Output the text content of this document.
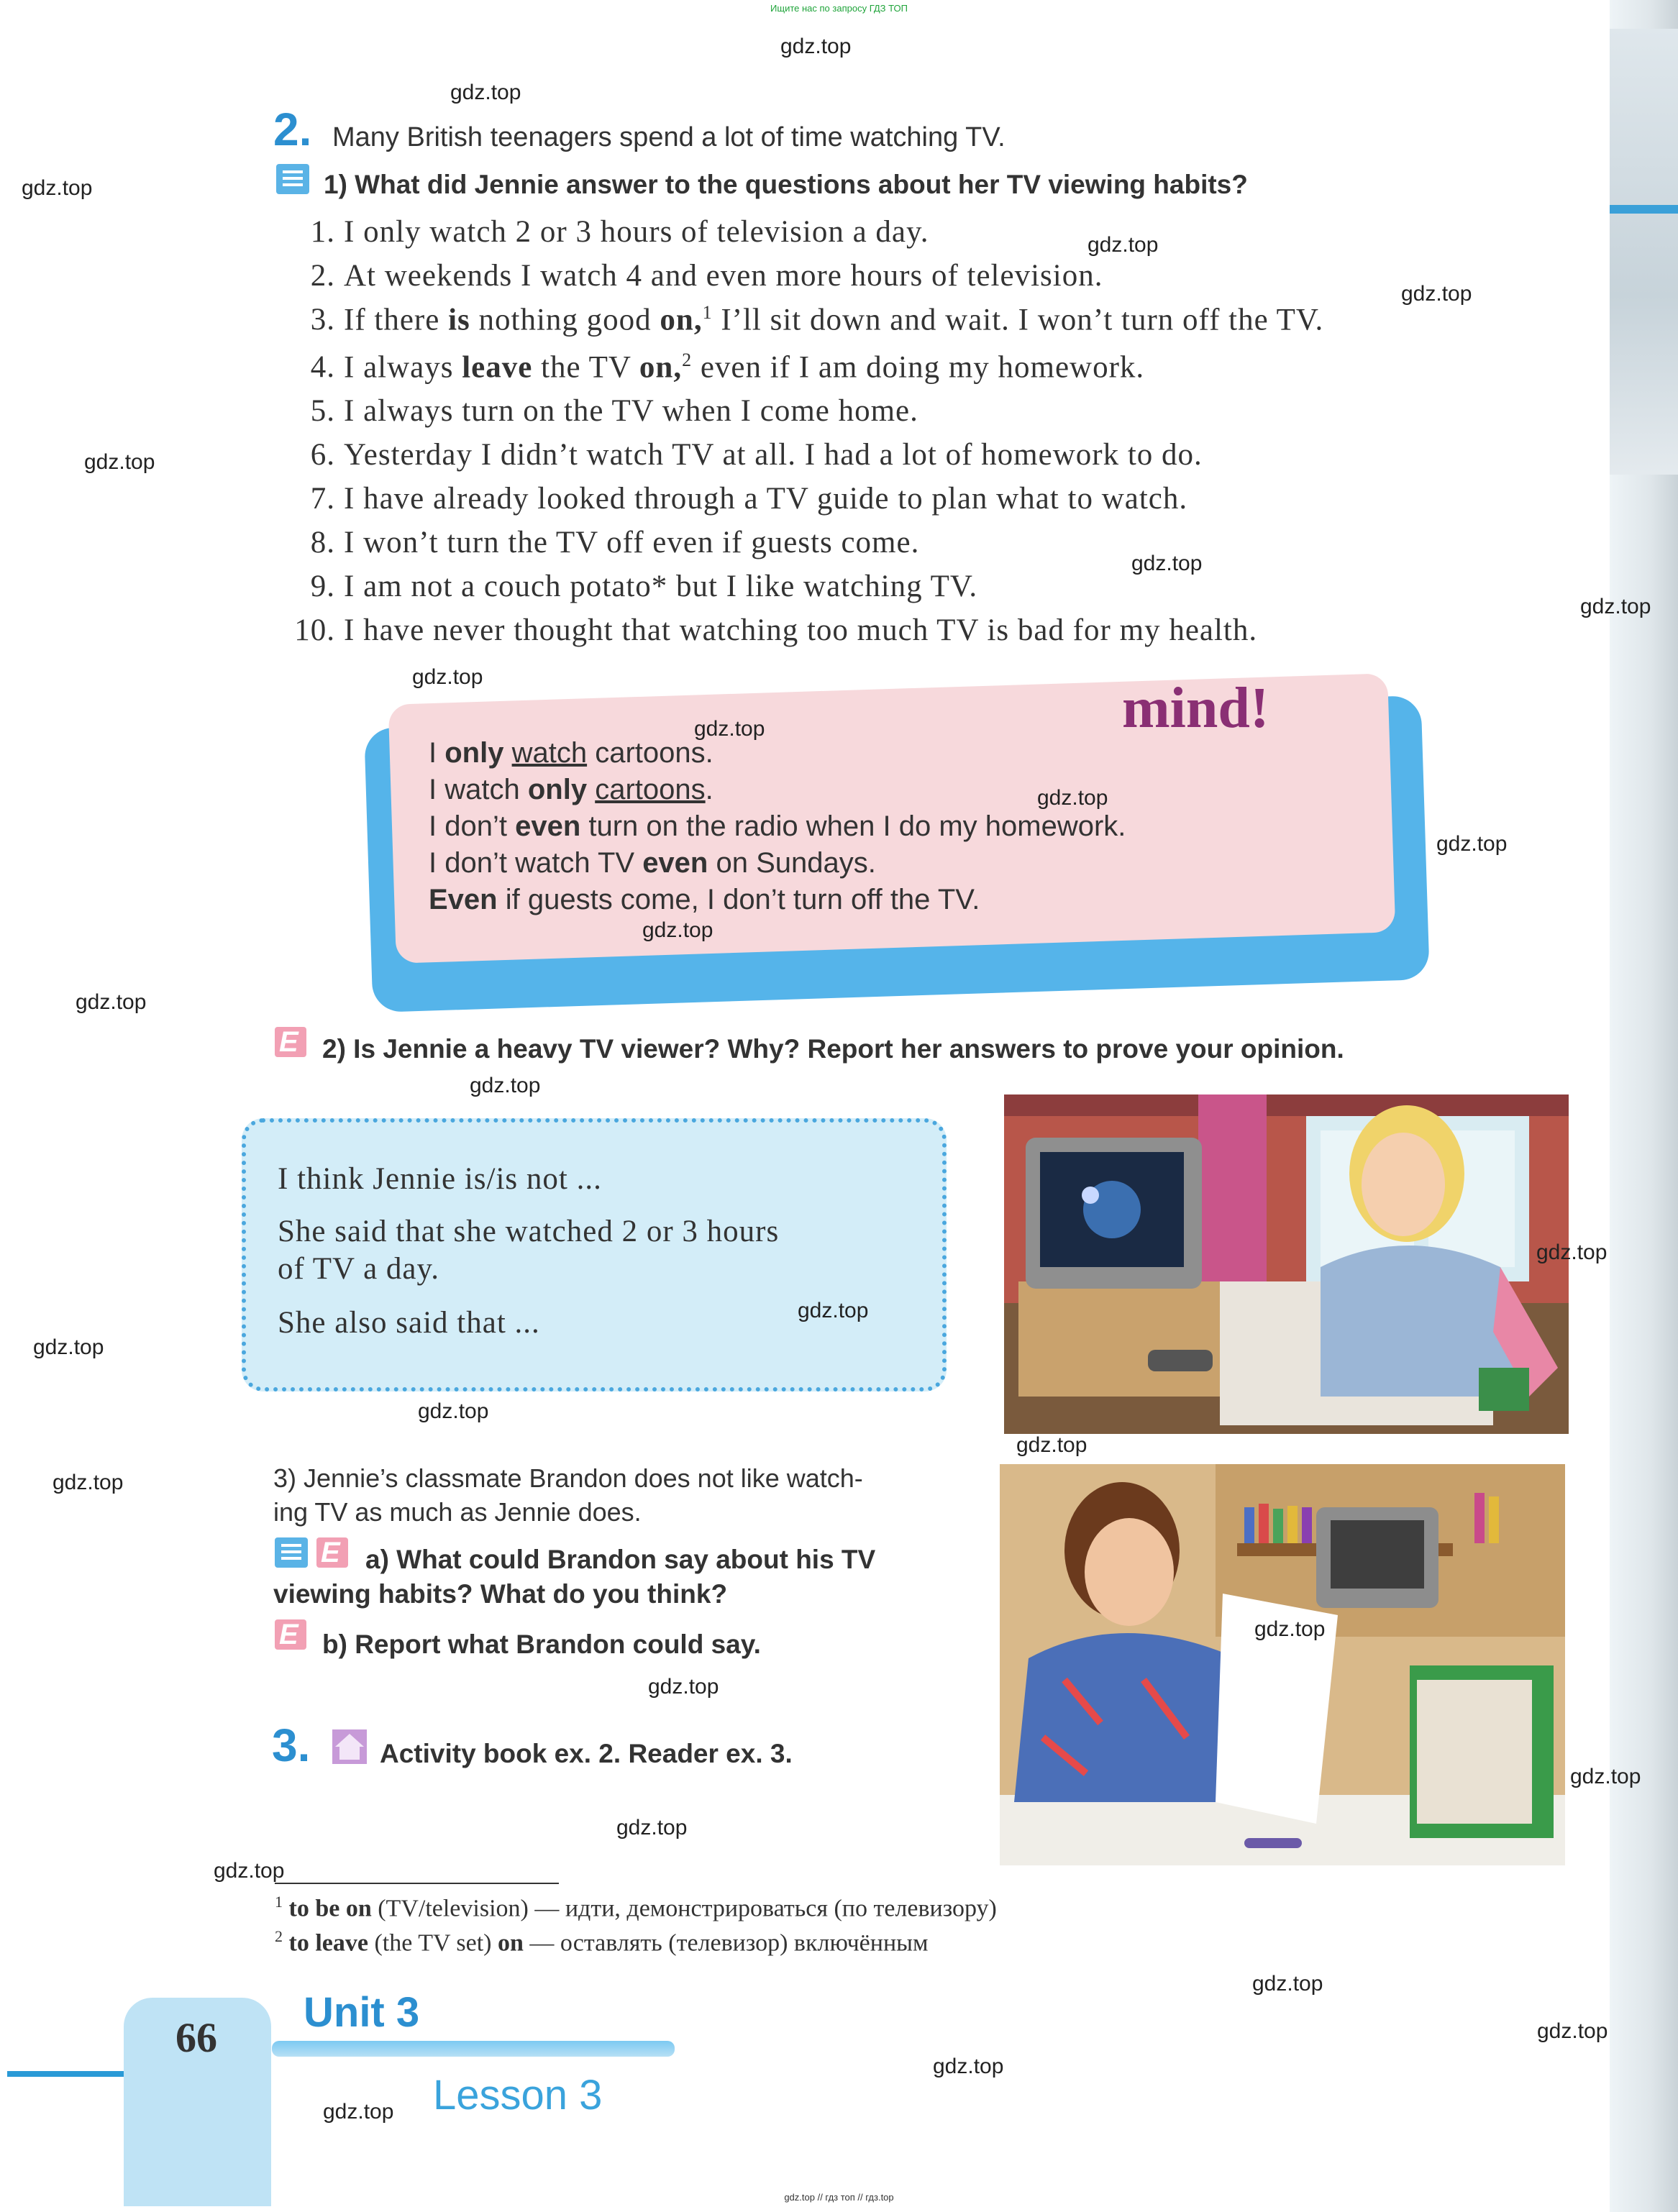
Ищите нас по запросу ГДЗ ТОП
2. Many British teenagers spend a lot of time watching TV.
1) What did Jennie answer to the questions about her TV viewing habits?
1. I only watch 2 or 3 hours of television a day.
2. At weekends I watch 4 and even more hours of television.
3. If there is nothing good on,$^1$ I’ll sit down and wait. I won’t turn off the TV.
4. I always leave the TV on,$^2$ even if I am doing my homework.
5. I always turn on the TV when I come home.
6. Yesterday I didn’t watch TV at all. I had a lot of homework to do.
7. I have already looked through a TV guide to plan what to watch.
8. I won’t turn the TV off even if guests come.
9. I am not a couch potato* but I like watching TV.
10. I have never thought that watching too much TV is bad for my health.
mind!
I only watch cartoons.
I watch only cartoons.
I don’t even turn on the radio when I do my homework.
I don’t watch TV even on Sundays.
Even if guests come, I don’t turn off the TV.
E 2) Is Jennie a heavy TV viewer? Why? Report her answers to prove your opinion.
I think Jennie is/is not ...
She said that she watched 2 or 3 hours
of TV a day.
She also said that ...
3) Jennie’s classmate Brandon does not like watch-
ing TV as much as Jennie does.
E a) What could Brandon say about his TV
viewing habits? What do you think?
E b) Report what Brandon could say.
3.	Activity book ex. 2. Reader ex. 3.
$^1$ to be on (TV/television) — идти, демонстрироваться (по телевизору)
$^2$ to leave (the TV set) on — оставлять (телевизор) включённым
66
Unit 3
Lesson 3
gdz.top
gdz.top
gdz.top
gdz.top
gdz.top
gdz.top
gdz.top
gdz.top
gdz.top
gdz.top
gdz.top
gdz.top
gdz.top
gdz.top
gdz.top
gdz.top
gdz.top
gdz.top
gdz.top
gdz.top
gdz.top
gdz.top
gdz.top
gdz.top
gdz.top
gdz.top
gdz.top
gdz.top
gdz.top
gdz.top
gdz.top // гдз топ // гдз.top
